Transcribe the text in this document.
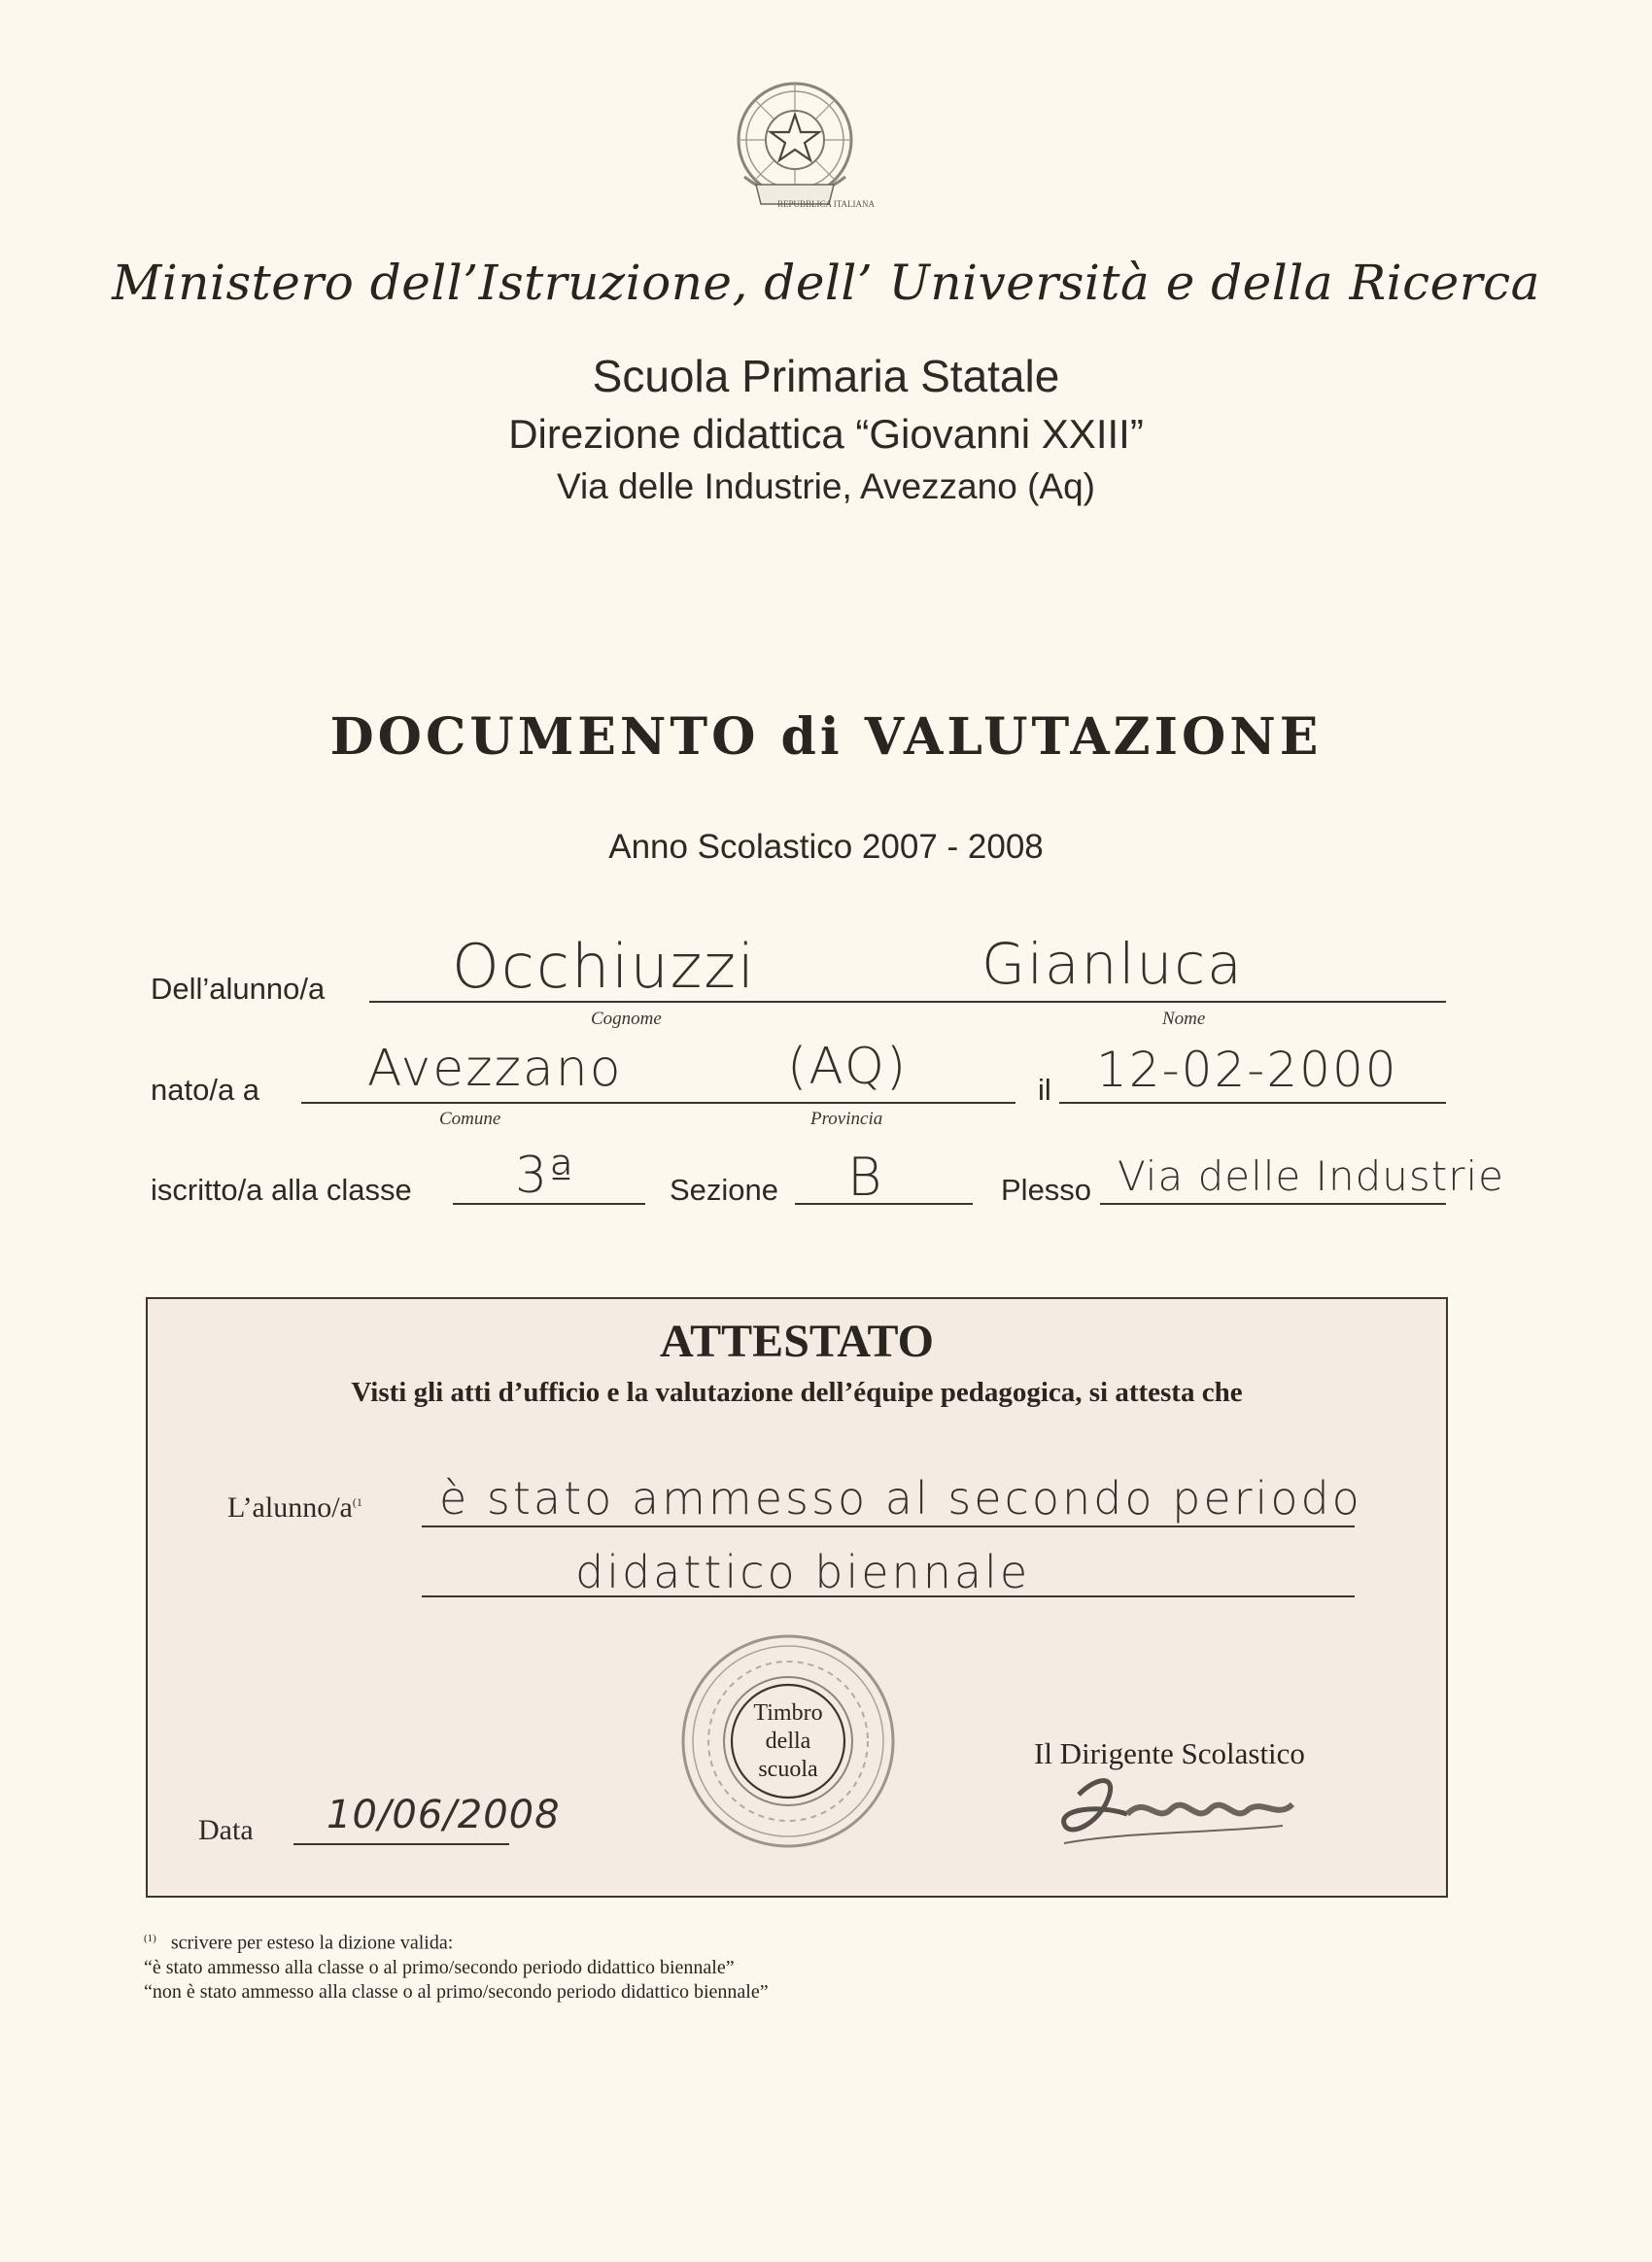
REPUBBLICA ITALIANA
Ministero dell’Istruzione, dell’ Università e della Ricerca
Scuola Primaria Statale
Direzione didattica “Giovanni XXIII”
Via delle Industrie, Avezzano (Aq)
DOCUMENTO di VALUTAZIONE
Anno Scolastico 2007 - 2008
Dell’alunno/a Occhiuzzi
Cognome
Gianluca
Nome
nato/a a Avezzano
Comune
(AQ)
Provincia
il 12-02-2000
iscritto/a alla classe 3ª	Sezione B	Plesso Via delle Industrie
ATTESTATO
Visti gli atti d’ufficio e la valutazione dell’équipe pedagogica, si attesta che
$L’alunno/a^{(1}$ è stato ammesso al secondo periodo
didattico biennale
Timbro della scuola	Il Dirigente Scolastico
Data 10/06/2008
$^{(1)}$ scrivere per esteso la dizione valida:
“è stato ammesso alla classe o al primo/secondo periodo didattico biennale”
“non è stato ammesso alla classe o al primo/secondo periodo didattico biennale”
